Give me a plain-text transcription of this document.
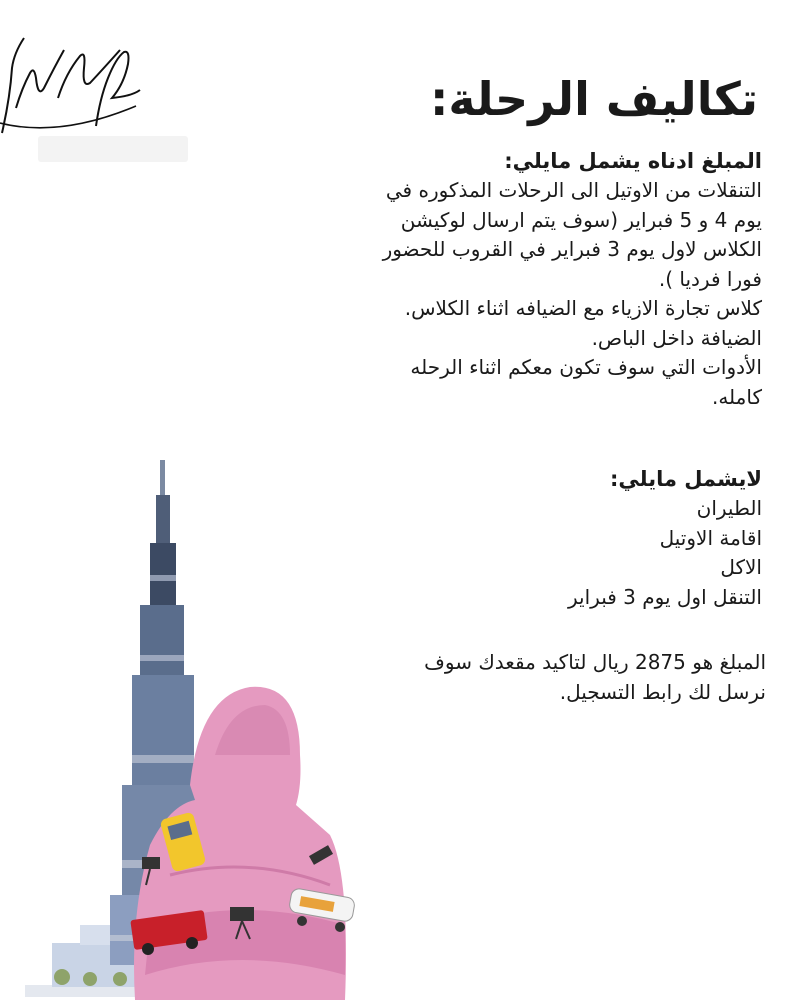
تكاليف الرحلة:
المبلغ ادناه يشمل مايلي:
التنقلات من الاوتيل الى الرحلات المذكوره في
يوم 4 و 5 فبراير (سوف يتم ارسال لوكيشن
الكلاس لاول يوم 3 فبراير في القروب للحضور
فورا فرديا ).
كلاس تجارة الازياء مع الضيافه اثناء الكلاس.
الضيافة داخل الباص.
الأدوات التي سوف تكون معكم اثناء الرحله
كامله.
لايشمل مايلي:
الطيران
اقامة الاوتيل
الاكل
التنقل اول يوم 3 فبراير
المبلغ هو 2875 ريال لتاكيد مقعدك سوف
نرسل لك رابط التسجيل.
